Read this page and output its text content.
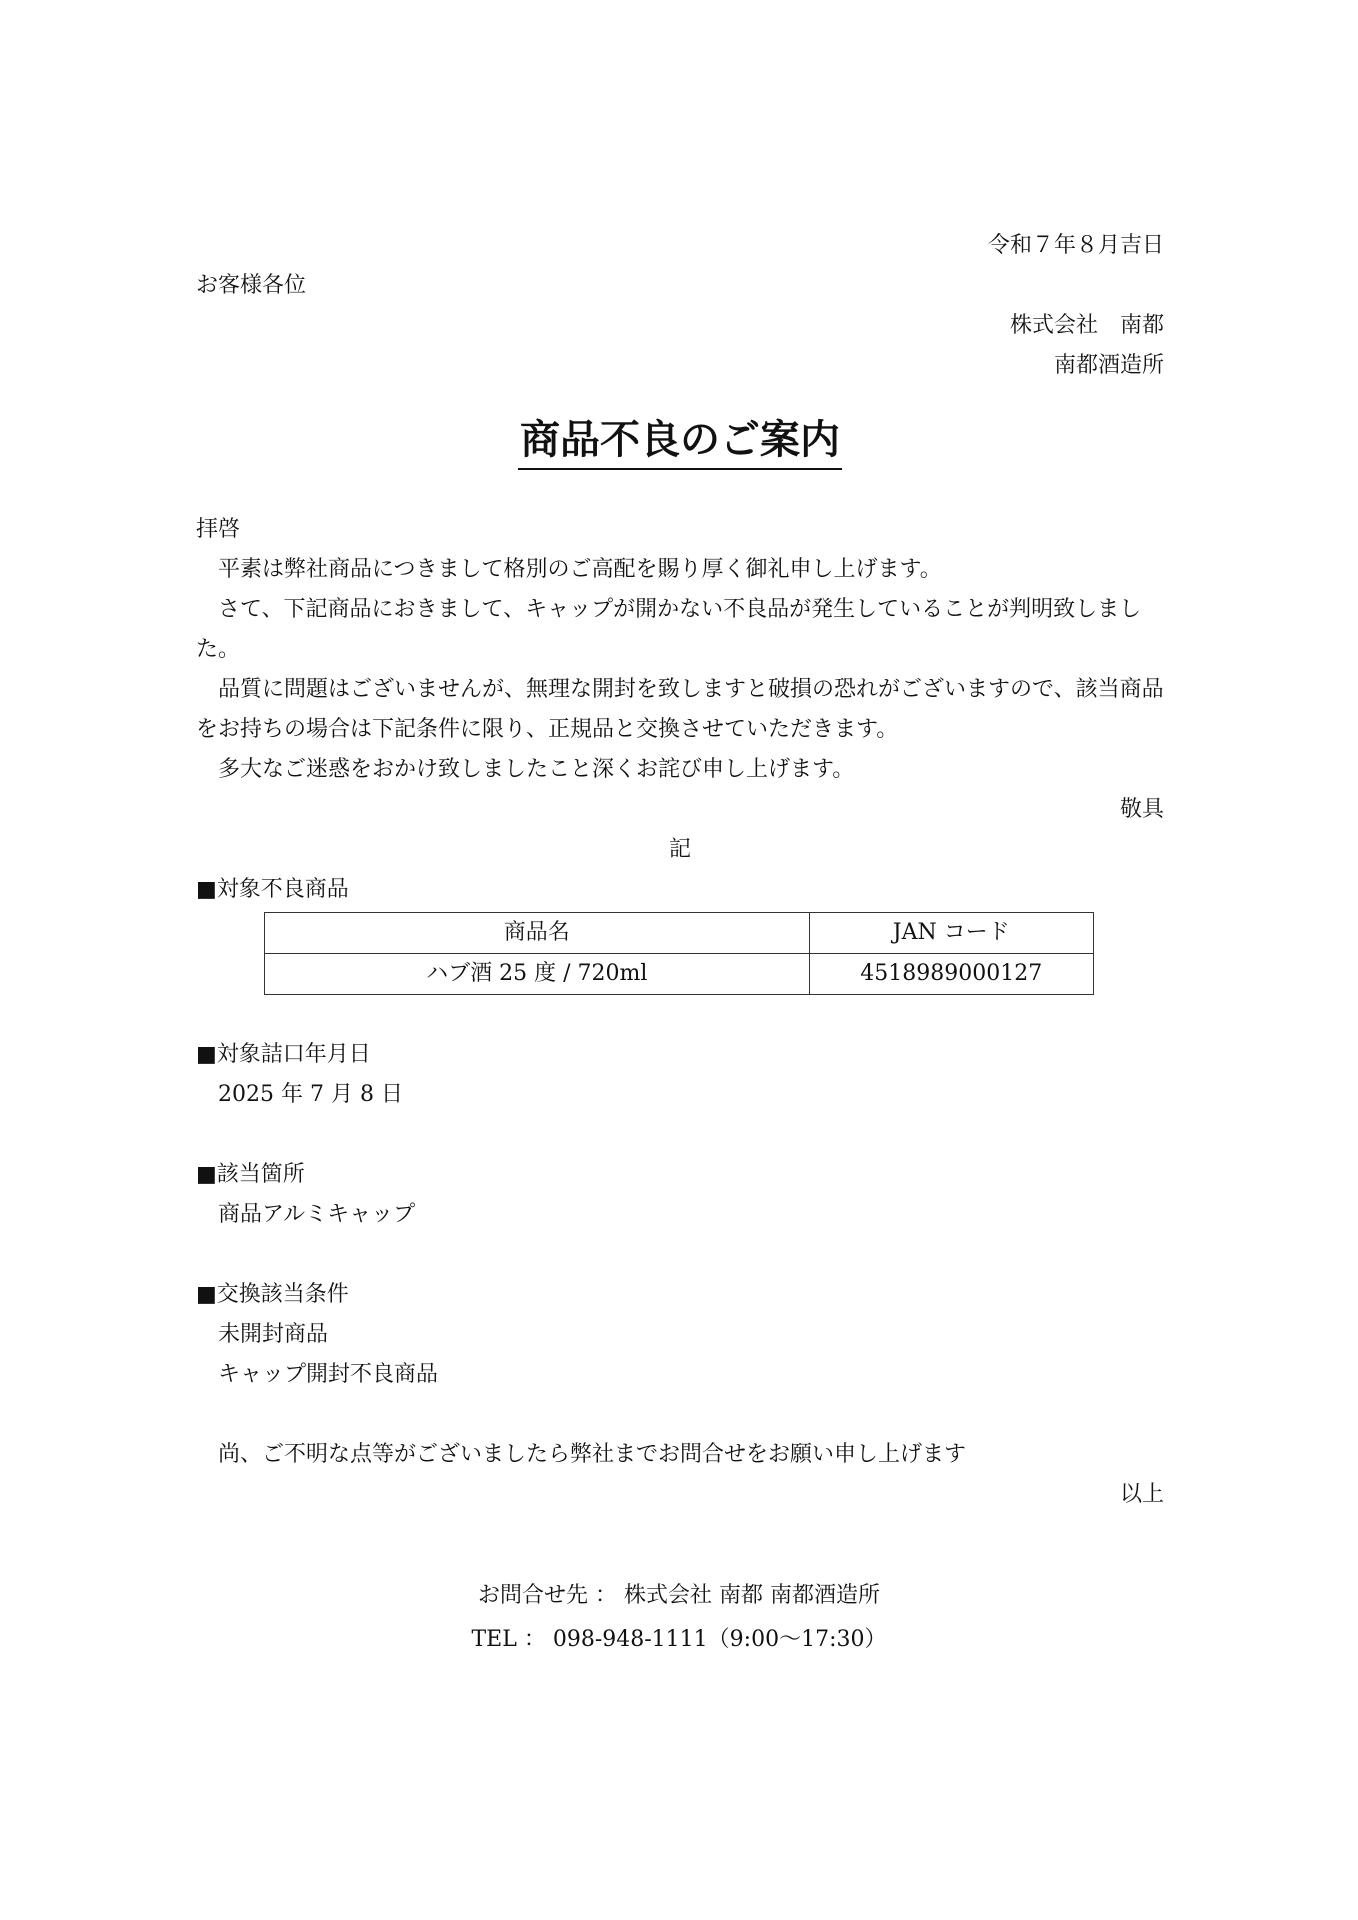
令和７年８月吉日
お客様各位
株式会社　南都
南都酒造所
商品不良のご案内
拝啓
平素は弊社商品につきまして格別のご高配を賜り厚く御礼申し上げます。
さて、下記商品におきまして、キャップが開かない不良品が発生していることが判明致しました。
品質に問題はございませんが、無理な開封を致しますと破損の恐れがございますので、該当商品をお持ちの場合は下記条件に限り、正規品と交換させていただきます。
多大なご迷惑をおかけ致しましたこと深くお詫び申し上げます。
敬具
記
■対象不良商品
商品名	JAN コード
ハブ酒 25 度 / 720ml	4518989000127
■対象詰口年月日
2025 年 7 月 8 日
■該当箇所
商品アルミキャップ
■交換該当条件
未開封商品
キャップ開封不良商品
尚、ご不明な点等がございましたら弊社までお問合せをお願い申し上げます
以上
お問合せ先 ： 株式会社 南都 南都酒造所
TEL ： 098-948-1111（9:00～17:30）
